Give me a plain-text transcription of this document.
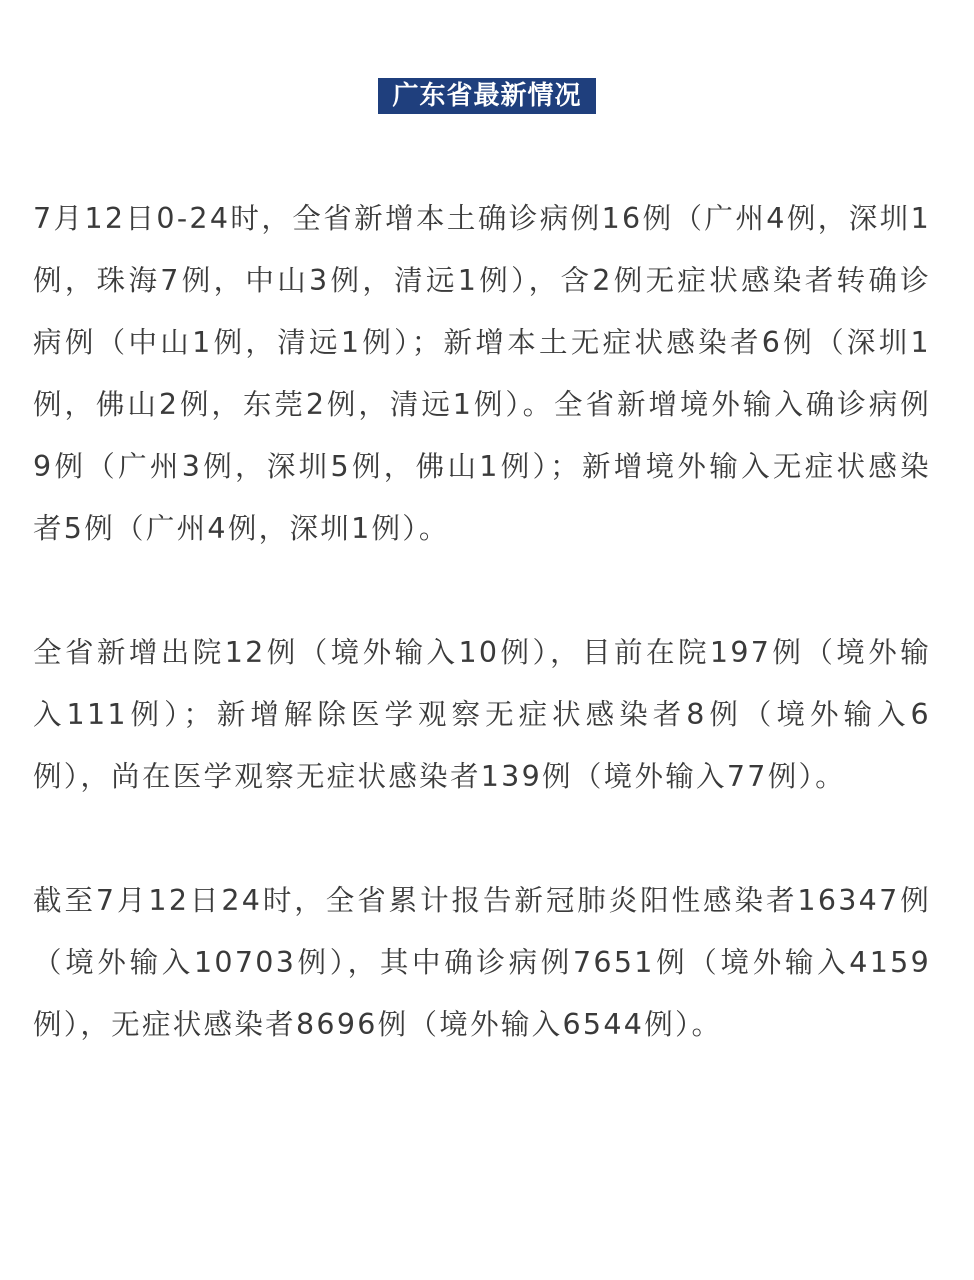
广东省最新情况

7月12日0-24时，全省新增本土确诊病例16例（广州4例，深圳1例，珠海7例，中山3例，清远1例），含2例无症状感染者转确诊病例（中山1例，清远1例）；新增本土无症状感染者6例（深圳1例，佛山2例，东莞2例，清远1例）。全省新增境外输入确诊病例9例（广州3例，深圳5例，佛山1例）；新增境外输入无症状感染者5例（广州4例，深圳1例）。

全省新增出院12例（境外输入10例），目前在院197例（境外输入111例）；新增解除医学观察无症状感染者8例（境外输入6例），尚在医学观察无症状感染者139例（境外输入77例）。

截至7月12日24时，全省累计报告新冠肺炎阳性感染者16347例（境外输入10703例），其中确诊病例7651例（境外输入4159例），无症状感染者8696例（境外输入6544例）。
